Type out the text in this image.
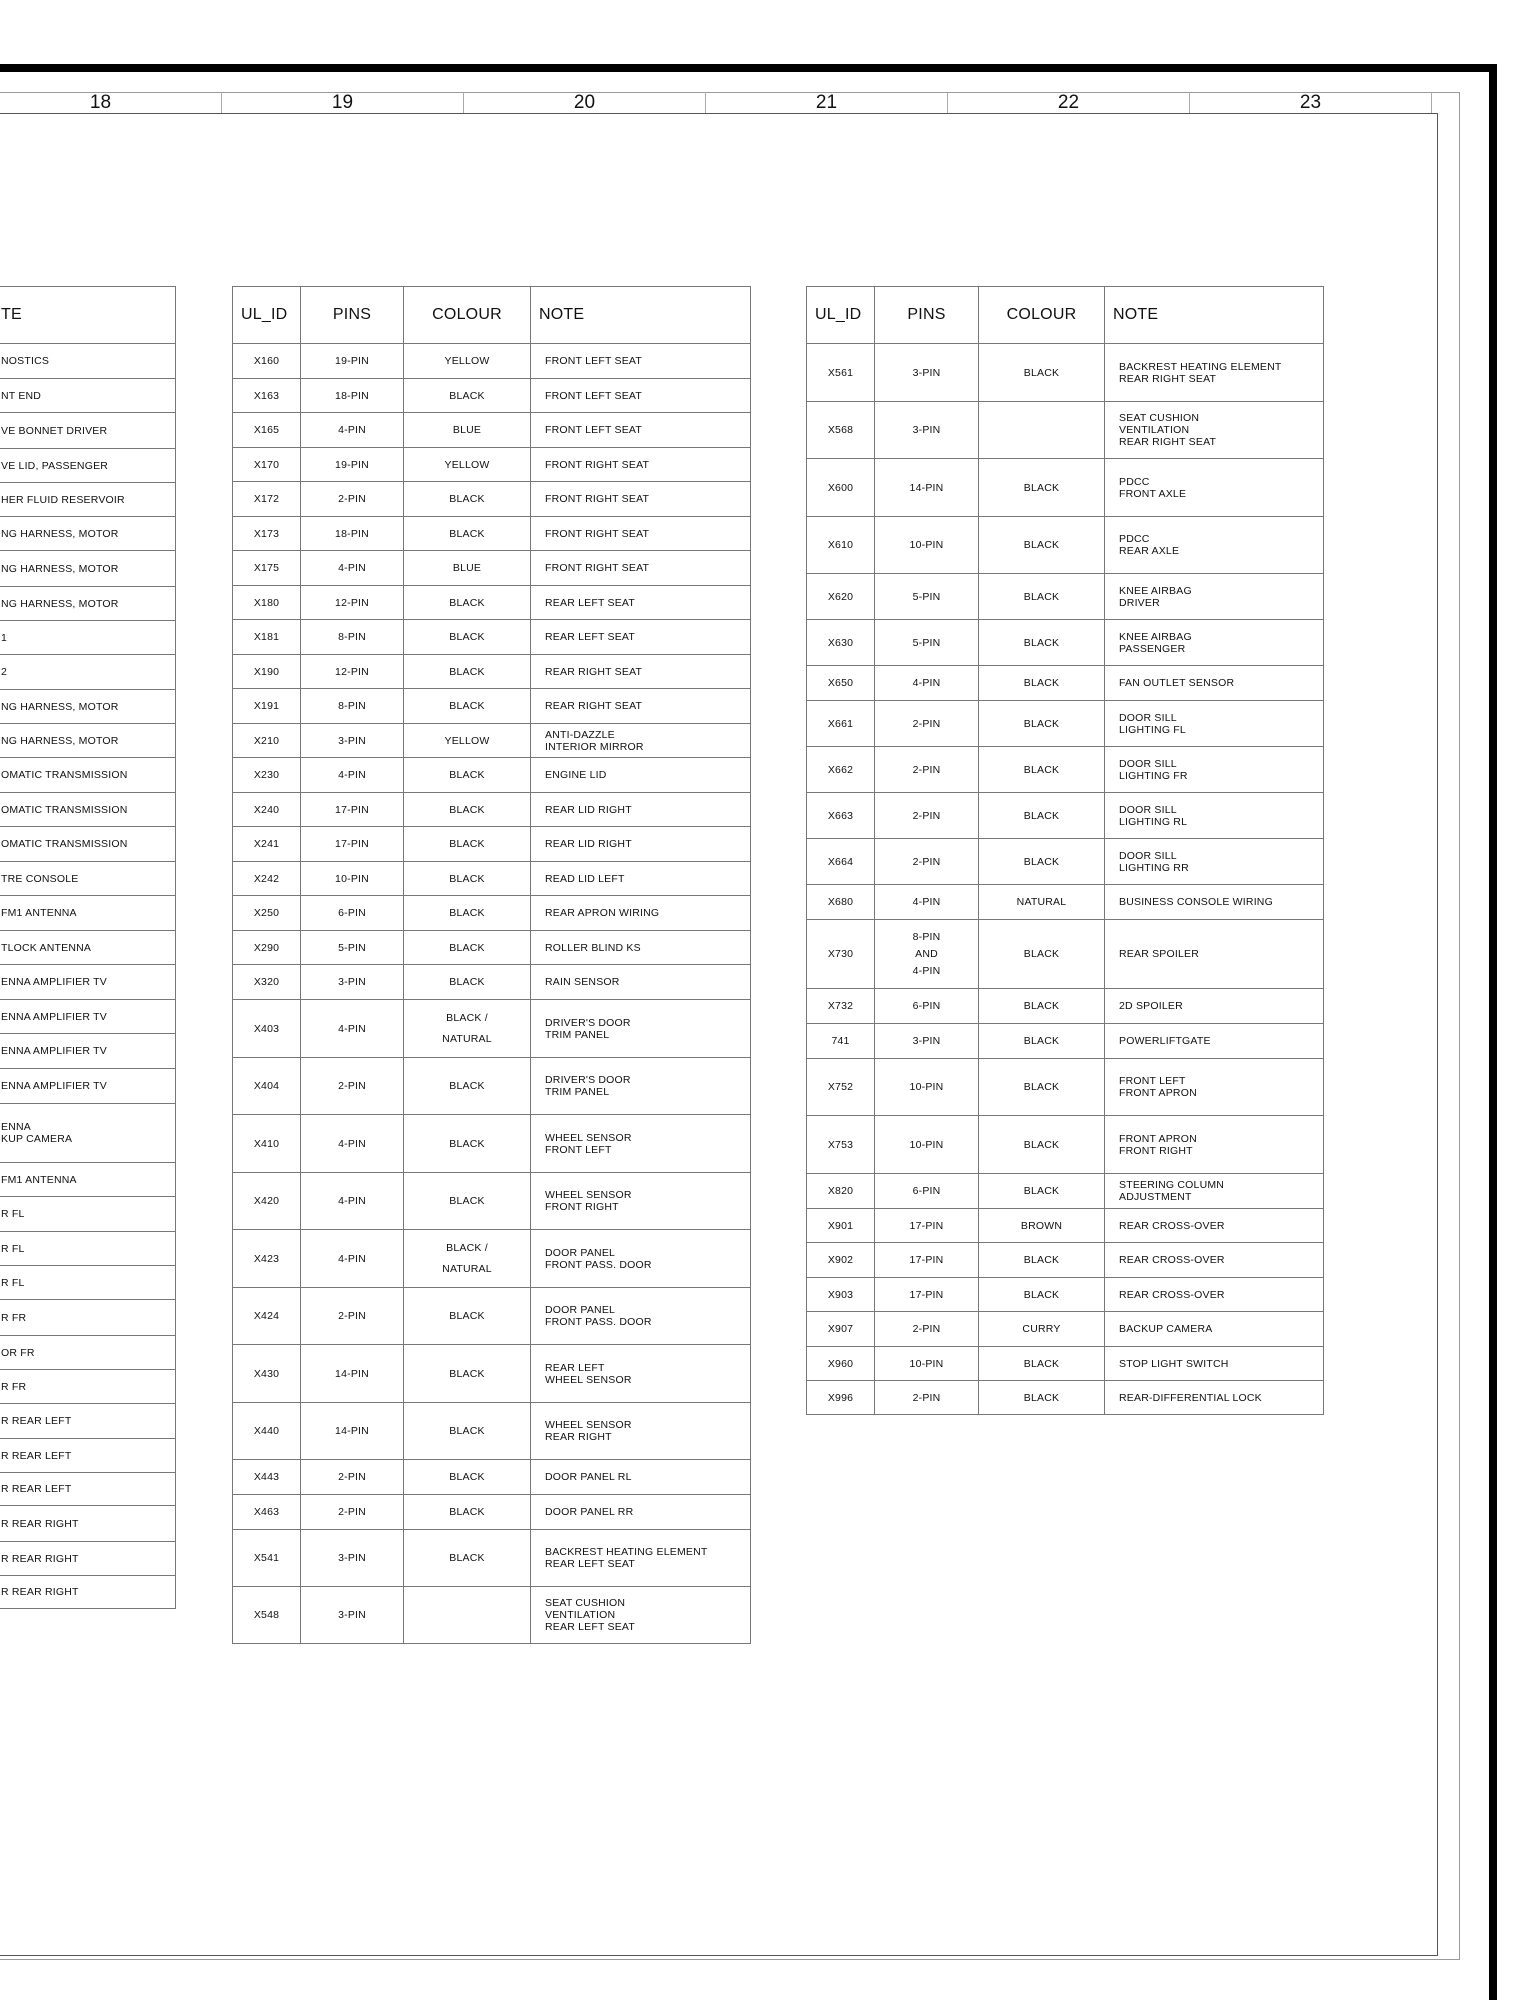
18	19	20	21	22	23
TE

NOSTICS

NT END

VE BONNET DRIVER

VE LID, PASSENGER

HER FLUID RESERVOIR

NG HARNESS, MOTOR

NG HARNESS, MOTOR

NG HARNESS, MOTOR

1

2

NG HARNESS, MOTOR

NG HARNESS, MOTOR

OMATIC TRANSMISSION

OMATIC TRANSMISSION

OMATIC TRANSMISSION

TRE CONSOLE

FM1 ANTENNA

TLOCK ANTENNA

ENNA AMPLIFIER TV

ENNA AMPLIFIER TV

ENNA AMPLIFIER TV

ENNA AMPLIFIER TV

ENNA
KUP CAMERA

FM1 ANTENNA

R FL

R FL

R FL

R FR

OR FR

R FR

R REAR LEFT

R REAR LEFT

R REAR LEFT

R REAR RIGHT

R REAR RIGHT

R REAR RIGHT
UL_ID	PINS	COLOUR	NOTE
X160	19-PIN	YELLOW	FRONT LEFT SEAT

X163	18-PIN	BLACK	FRONT LEFT SEAT

X165	4-PIN	BLUE	FRONT LEFT SEAT

X170	19-PIN	YELLOW	FRONT RIGHT SEAT

X172	2-PIN	BLACK	FRONT RIGHT SEAT

X173	18-PIN	BLACK	FRONT RIGHT SEAT

X175	4-PIN	BLUE	FRONT RIGHT SEAT

X180	12-PIN	BLACK	REAR LEFT SEAT

X181	8-PIN	BLACK	REAR LEFT SEAT

X190	12-PIN	BLACK	REAR RIGHT SEAT

X191	8-PIN	BLACK	REAR RIGHT SEAT

X210	3-PIN	YELLOW	ANTI-DAZZLE
INTERIOR MIRROR

X230	4-PIN	BLACK	ENGINE LID

X240	17-PIN	BLACK	REAR LID RIGHT

X241	17-PIN	BLACK	REAR LID RIGHT

X242	10-PIN	BLACK	READ LID LEFT

X250	6-PIN	BLACK	REAR APRON WIRING

X290	5-PIN	BLACK	ROLLER BLIND KS

X320	3-PIN	BLACK	RAIN SENSOR

X403	4-PIN	BLACK /
NATURAL	DRIVER'S DOOR
TRIM PANEL

X404	2-PIN	BLACK	DRIVER'S DOOR
TRIM PANEL

X410	4-PIN	BLACK	WHEEL SENSOR
FRONT LEFT

X420	4-PIN	BLACK	WHEEL SENSOR
FRONT RIGHT

X423	4-PIN	BLACK /
NATURAL	DOOR PANEL
FRONT PASS. DOOR

X424	2-PIN	BLACK	DOOR PANEL
FRONT PASS. DOOR

X430	14-PIN	BLACK	REAR LEFT
WHEEL SENSOR

X440	14-PIN	BLACK	WHEEL SENSOR
REAR RIGHT

X443	2-PIN	BLACK	DOOR PANEL RL

X463	2-PIN	BLACK	DOOR PANEL RR

X541	3-PIN	BLACK	BACKREST HEATING ELEMENT
REAR LEFT SEAT

X548	3-PIN		SEAT CUSHION
VENTILATION
REAR LEFT SEAT
UL_ID	PINS	COLOUR	NOTE
X561	3-PIN	BLACK	BACKREST HEATING ELEMENT
REAR RIGHT SEAT

X568	3-PIN		SEAT CUSHION
VENTILATION
REAR RIGHT SEAT

X600	14-PIN	BLACK	PDCC
FRONT AXLE

X610	10-PIN	BLACK	PDCC
REAR AXLE

X620	5-PIN	BLACK	KNEE AIRBAG
DRIVER

X630	5-PIN	BLACK	KNEE AIRBAG
PASSENGER

X650	4-PIN	BLACK	FAN OUTLET SENSOR

X661	2-PIN	BLACK	DOOR SILL
LIGHTING FL

X662	2-PIN	BLACK	DOOR SILL
LIGHTING FR

X663	2-PIN	BLACK	DOOR SILL
LIGHTING RL

X664	2-PIN	BLACK	DOOR SILL
LIGHTING RR

X680	4-PIN	NATURAL	BUSINESS CONSOLE WIRING

X730	8-PIN
AND
4-PIN	BLACK	REAR SPOILER

X732	6-PIN	BLACK	2D SPOILER

741	3-PIN	BLACK	POWERLIFTGATE

X752	10-PIN	BLACK	FRONT LEFT
FRONT APRON

X753	10-PIN	BLACK	FRONT APRON
FRONT RIGHT

X820	6-PIN	BLACK	STEERING COLUMN
ADJUSTMENT

X901	17-PIN	BROWN	REAR CROSS-OVER

X902	17-PIN	BLACK	REAR CROSS-OVER

X903	17-PIN	BLACK	REAR CROSS-OVER

X907	2-PIN	CURRY	BACKUP CAMERA

X960	10-PIN	BLACK	STOP LIGHT SWITCH

X996	2-PIN	BLACK	REAR-DIFFERENTIAL LOCK
